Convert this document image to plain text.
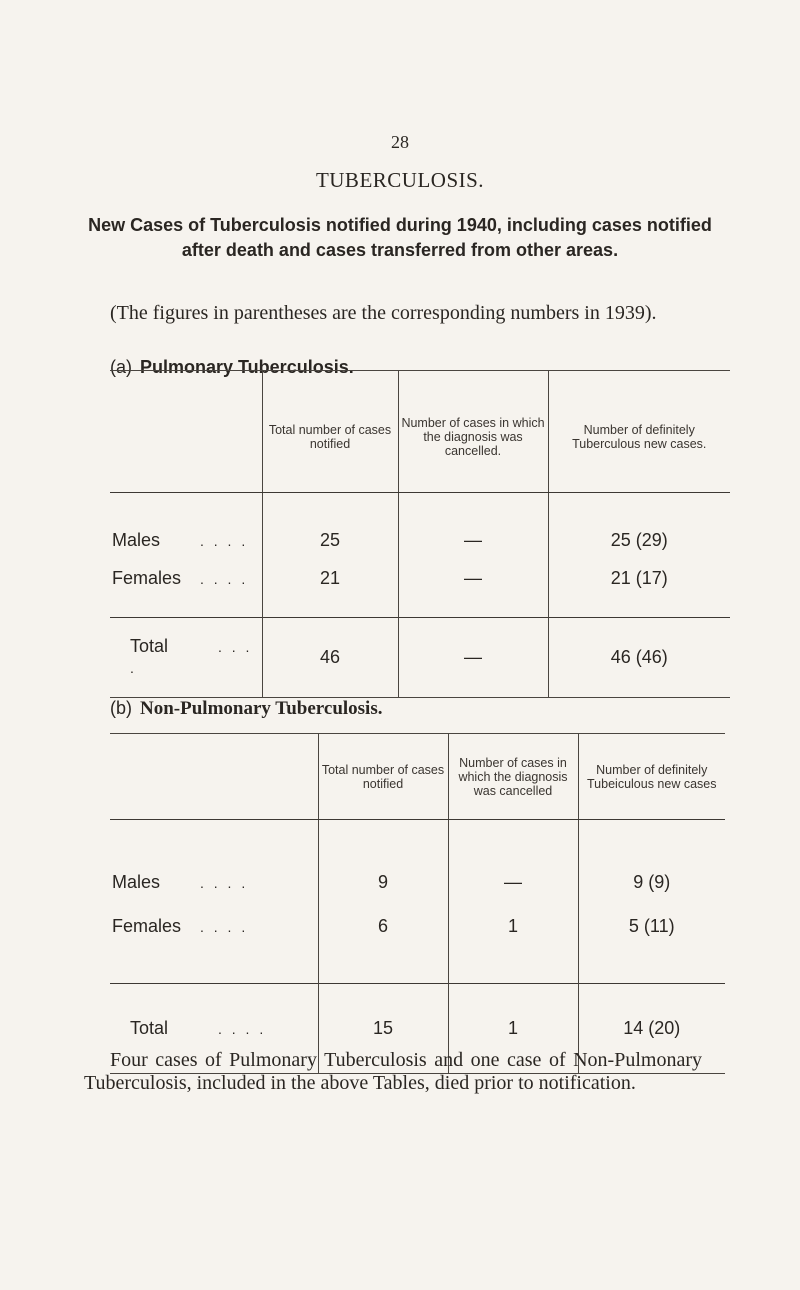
28
TUBERCULOSIS.
New Cases of Tuberculosis notified during 1940, including cases notified after death and cases transferred from other areas.
(The figures in parentheses are the corresponding numbers in 1939).
(a) Pulmonary Tuberculosis.
	Total number of cases notified	Number of cases in which the diagnosis was cancelled.	Number of definitely Tuberculous new cases.
Males . . . .	25	—	25 (29)
Females . . . .	21	—	21 (17)
Total . . . .	46	—	46 (46)
(b) Non-Pulmonary Tuberculosis.
	Total number of cases notified	Number of cases in which the diagnosis was cancelled	Number of definitely Tubeiculous new cases
Males . . . .	9	—	9 (9)
Females . . . .	6	1	5 (11)
Total . . . .	15	1	14 (20)
Four cases of Pulmonary Tuberculosis and one case of Non-Pulmonary Tuberculosis, included in the above Tables, died prior to notification.
